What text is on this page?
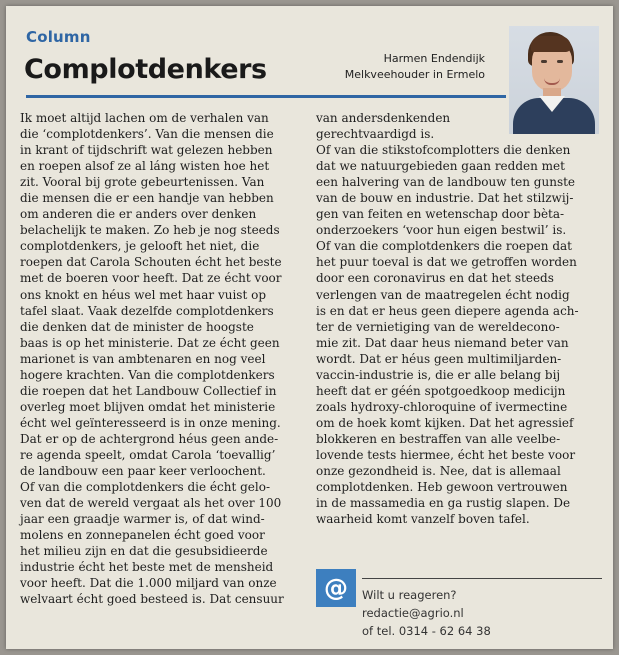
Column
Complotdenkers	Harmen Endendijk
Melkveehouder in Ermelo
Ik moet altijd lachen om de verhalen van
die ‘complotdenkers’. Van die mensen die
in krant of tijdschrift wat gelezen hebben
en roepen alsof ze al láng wisten hoe het
zit. Vooral bij grote gebeurtenissen. Van
die mensen die er een handje van hebben
om anderen die er anders over denken
belachelijk te maken. Zo heb je nog steeds
complotdenkers, je gelooft het niet, die
roepen dat Carola Schouten écht het beste
met de boeren voor heeft. Dat ze écht voor
ons knokt en héus wel met haar vuist op
tafel slaat. Vaak dezelfde complotdenkers
die denken dat de minister de hoogste
baas is op het ministerie. Dat ze écht geen
marionet is van ambtenaren en nog veel
hogere krachten. Van die complotdenkers
die roepen dat het Landbouw Collectief in
overleg moet blijven omdat het ministerie
écht wel geïnteresseerd is in onze mening.
Dat er op de achtergrond héus geen ande-
re agenda speelt, omdat Carola ‘toevallig’
de landbouw een paar keer verloochent.
Of van die complotdenkers die écht gelo-
ven dat de wereld vergaat als het over 100
jaar een graadje warmer is, of dat wind-
molens en zonnepanelen écht goed voor
het milieu zijn en dat die gesubsidieerde
industrie écht het beste met de mensheid
voor heeft. Dat die 1.000 miljard van onze
welvaart écht goed besteed is. Dat censuur
van andersdenkenden
gerechtvaardigd is.
Of van die stikstofcomplotters die denken
dat we natuurgebieden gaan redden met
een halvering van de landbouw ten gunste
van de bouw en industrie. Dat het stilzwij-
gen van feiten en wetenschap door bèta-
onderzoekers ‘voor hun eigen bestwil’ is.
Of van die complotdenkers die roepen dat
het puur toeval is dat we getroffen worden
door een coronavirus en dat het steeds
verlengen van de maatregelen écht nodig
is en dat er heus geen diepere agenda ach-
ter de vernietiging van de wereldecono-
mie zit. Dat daar heus niemand beter van
wordt. Dat er héus geen multimiljarden-
vaccin-industrie is, die er alle belang bij
heeft dat er géén spotgoedkoop medicijn
zoals hydroxy-chloroquine of ivermectine
om de hoek komt kijken. Dat het agressief
blokkeren en bestraffen van alle veelbe-
lovende tests hiermee, écht het beste voor
onze gezondheid is. Nee, dat is allemaal
complotdenken. Heb gewoon vertrouwen
in de massamedia en ga rustig slapen. De
waarheid komt vanzelf boven tafel.
@ Wilt u reageren?
redactie@agrio.nl
of tel. 0314 - 62 64 38
